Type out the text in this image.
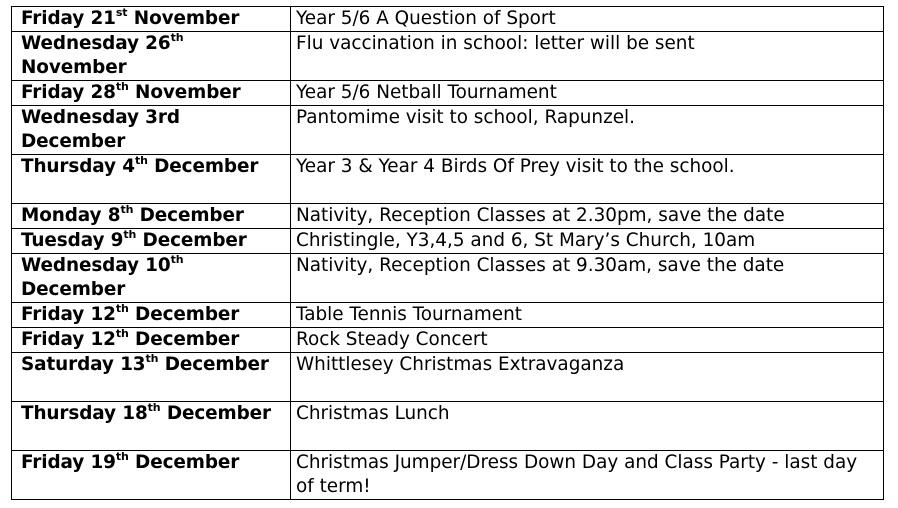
Friday 21st November	Year 5/6 A Question of Sport
Wednesday 26th November	Flu vaccination in school: letter will be sent
Friday 28th November	Year 5/6 Netball Tournament
Wednesday 3rd December	Pantomime visit to school, Rapunzel.
Thursday 4th December	Year 3 & Year 4 Birds Of Prey visit to the school.
Monday 8th December	Nativity, Reception Classes at 2.30pm, save the date
Tuesday 9th December	Christingle, Y3,4,5 and 6, St Mary’s Church, 10am
Wednesday 10th December	Nativity, Reception Classes at 9.30am, save the date
Friday 12th December	Table Tennis Tournament
Friday 12th December	Rock Steady Concert
Saturday 13th December	Whittlesey Christmas Extravaganza
Thursday 18th December	Christmas Lunch
Friday 19th December	Christmas Jumper/Dress Down Day and Class Party - last day of term!
